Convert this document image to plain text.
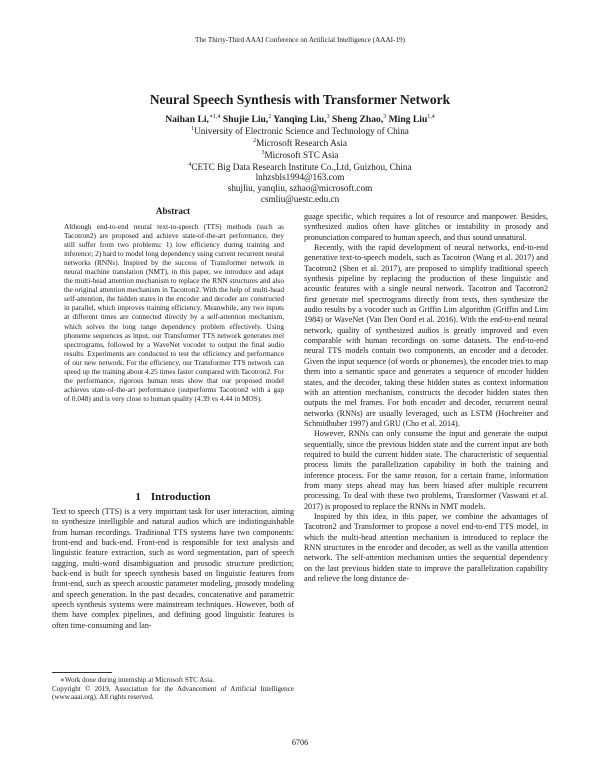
The Thirty-Third AAAI Conference on Artificial Intelligence (AAAI-19)
Neural Speech Synthesis with Transformer Network
Naihan Li,$^{∗1,4}$ Shujie Liu,$^2$ Yanqing Liu,$^3$ Sheng Zhao,$^3$ Ming Liu$^{1,4}$
$^1$University of Electronic Science and Technology of China
$^2$Microsoft Research Asia
$^3$Microsoft STC Asia
$^4$CETC Big Data Research Institute Co.,Ltd, Guizhou, China
lnhzsbls1994@163.com
shujliu, yanqliu, szhao@microsoft.com
csmliu@uestc.edu.cn
Abstract
Although end-to-end neural text-to-speech (TTS) methods (such as Tacotron2) are proposed and achieve state-of-the-art performance, they still suffer from two problems: 1) low efficiency during training and inference; 2) hard to model long dependency using current recurrent neural networks (RNNs). Inspired by the success of Transformer network in neural machine translation (NMT), in this paper, we introduce and adapt the multi-head attention mechanism to replace the RNN structures and also the original attention mechanism in Tacotron2. With the help of multi-head self-attention, the hidden states in the encoder and decoder are constructed in parallel, which improves training efficiency. Meanwhile, any two inputs at different times are connected directly by a self-attention mechanism, which solves the long range dependency problem effectively. Using phoneme sequences as input, our Transformer TTS network generates mel spectrograms, followed by a WaveNet vocoder to output the final audio results. Experiments are conducted to test the efficiency and performance of our new network. For the efficiency, our Transformer TTS network can speed up the training about 4.25 times faster compared with Tacotron2. For the performance, rigorous human tests show that our proposed model achieves state-of-the-art performance (outperforms Tacotron2 with a gap of 0.048) and is very close to human quality (4.39 vs 4.44 in MOS).
1 Introduction

Text to speech (TTS) is a very important task for user interaction, aiming to synthesize intelligible and natural audios which are indistinguishable from human recordings. Traditional TTS systems have two components: front-end and back-end. Front-end is responsible for text analysis and linguistic feature extraction, such as word segmentation, part of speech tagging, multi-word disambiguation and prosodic structure prediction; back-end is built for speech synthesis based on linguistic features from front-end, such as speech acoustic parameter modeling, prosody modeling and speech generation. In the past decades, concatenative and parametric speech synthesis systems were mainstream techniques. However, both of them have complex pipelines, and defining good linguistic features is often time-consuming and lan-

∗Work done during internship at Microsoft STC Asia.

Copyright © 2019, Association for the Advancement of Artificial Intelligence (www.aaai.org). All rights reserved.

guage specific, which requires a lot of resource and manpower. Besides, synthesized audios often have glitches or instability in prosody and pronunciation compared to human speech, and thus sound unnatural.

Recently, with the rapid development of neural networks, end-to-end generative text-to-speech models, such as Tacotron (Wang et al. 2017) and Tacotron2 (Shen et al. 2017), are proposed to simplify traditional speech synthesis pipeline by replacing the production of these linguistic and acoustic features with a single neural network. Tacotron and Tacotron2 first generate mel spectrograms directly from texts, then synthesize the audio results by a vocoder such as Griffin Lim algorithm (Griffin and Lim 1984) or WaveNet (Van Den Oord et al. 2016). With the end-to-end neural network, quality of synthesized audios is greatly improved and even comparable with human recordings on some datasets. The end-to-end neural TTS models contain two components, an encoder and a decoder. Given the input sequence (of words or phonemes), the encoder tries to map them into a semantic space and generates a sequence of encoder hidden states, and the decoder, taking these hidden states as context information with an attention mechanism, constructs the decoder hidden states then outputs the mel frames. For both encoder and decoder, recurrent neural networks (RNNs) are usually leveraged, such as LSTM (Hochreiter and Schmidhuber 1997) and GRU (Cho et al. 2014).

However, RNNs can only consume the input and generate the output sequentially, since the previous hidden state and the current input are both required to build the current hidden state. The characteristic of sequential process limits the parallelization capability in both the training and inference process. For the same reason, for a certain frame, information from many steps ahead may has been biased after multiple recurrent processing. To deal with these two problems, Transformer (Vaswani et al. 2017) is proposed to replace the RNNs in NMT models.

Inspired by this idea, in this paper, we combine the advantages of Tacotron2 and Transformer to propose a novel end-to-end TTS model, in which the multi-head attention mechanism is introduced to replace the RNN structures in the encoder and decoder, as well as the vanilla attention network. The self-attention mechanism unties the sequential dependency on the last previous hidden state to improve the parallelization capability and relieve the long distance de-

6706
